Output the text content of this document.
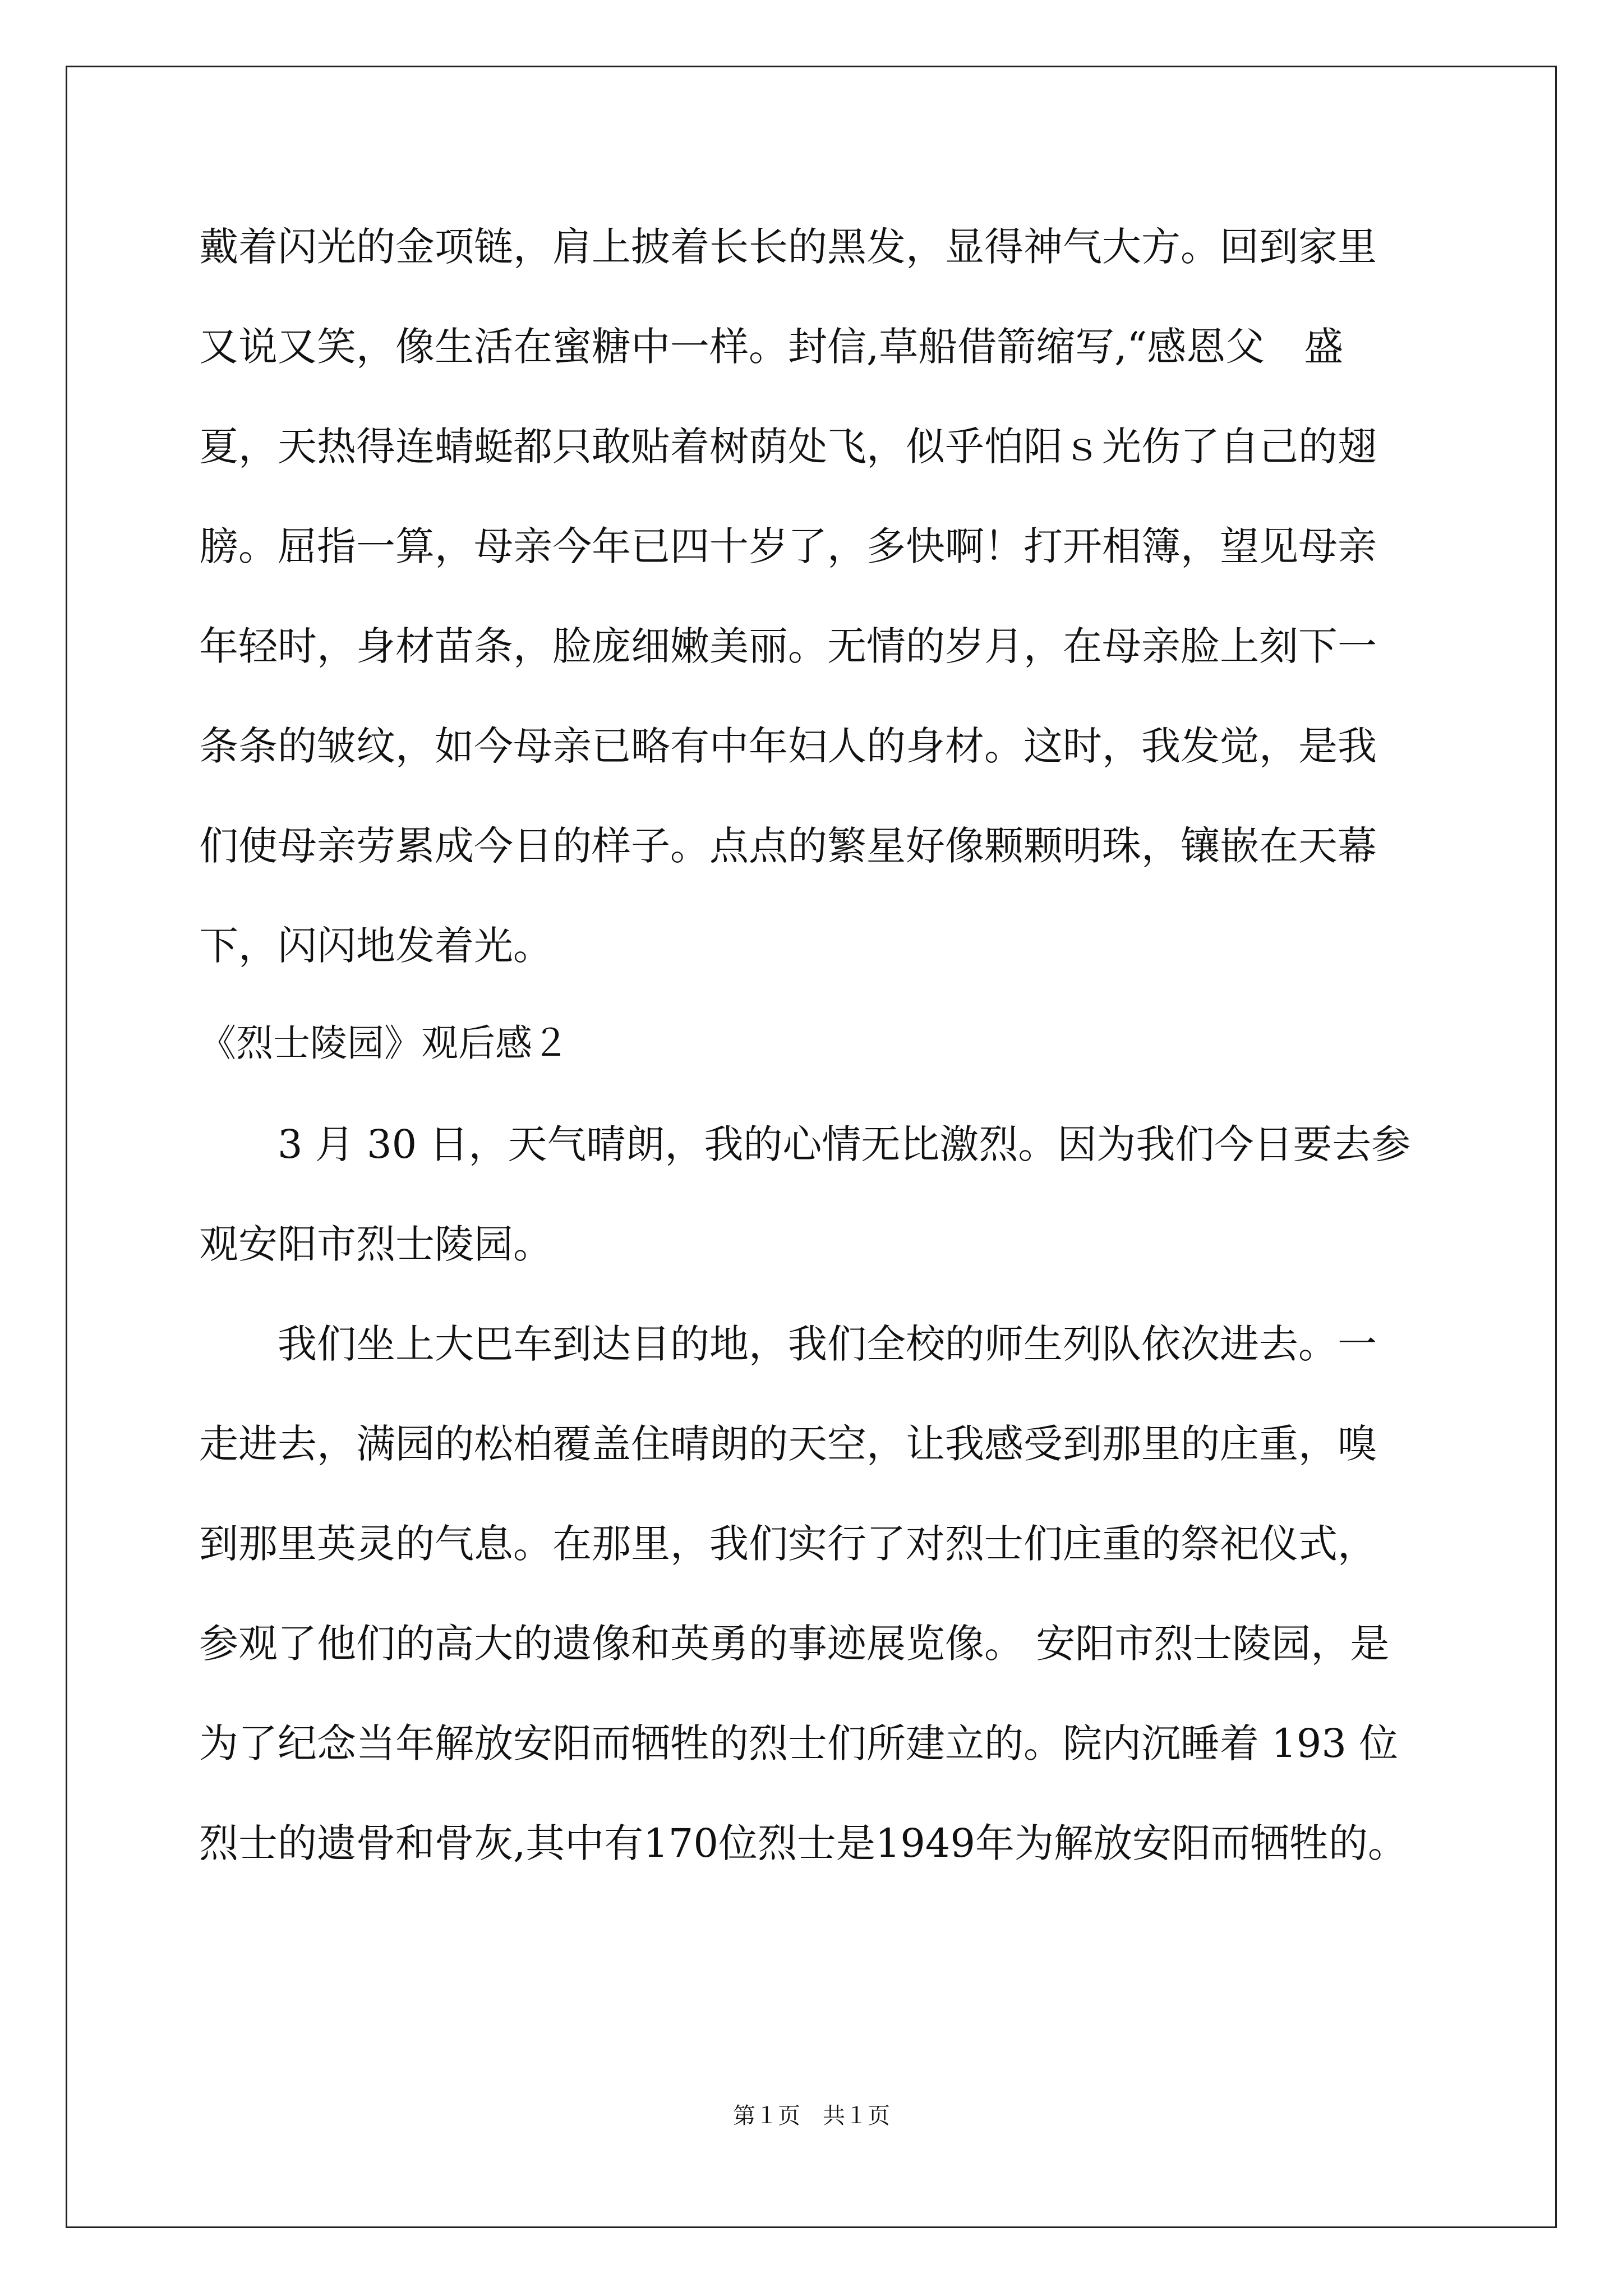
戴着闪光的金项链，肩上披着长长的黑发，显得神气大方。回到家里
又说又笑，像生活在蜜糖中一样。封信,草船借箭缩写,“感恩父　盛
夏，天热得连蜻蜓都只敢贴着树荫处飞，似乎怕阳ｓ光伤了自己的翅
膀。屈指一算，母亲今年已四十岁了，多快啊！打开相簿，望见母亲
年轻时，身材苗条，脸庞细嫩美丽。无情的岁月，在母亲脸上刻下一
条条的皱纹，如今母亲已略有中年妇人的身材。这时，我发觉，是我
们使母亲劳累成今日的样子。点点的繁星好像颗颗明珠，镶嵌在天幕
下，闪闪地发着光。
《烈士陵园》观后感２
　　3 月 30 日，天气晴朗，我的心情无比激烈。因为我们今日要去参
观安阳市烈士陵园。
　　我们坐上大巴车到达目的地，我们全校的师生列队依次进去。一
走进去，满园的松柏覆盖住晴朗的天空，让我感受到那里的庄重，嗅
到那里英灵的气息。在那里，我们实行了对烈士们庄重的祭祀仪式，
参观了他们的高大的遗像和英勇的事迹展览像。 安阳市烈士陵园，是
为了纪念当年解放安阳而牺牲的烈士们所建立的。院内沉睡着 193 位
烈士的遗骨和骨灰,其中有170位烈士是1949年为解放安阳而牺牲的。
第１页　共１页
